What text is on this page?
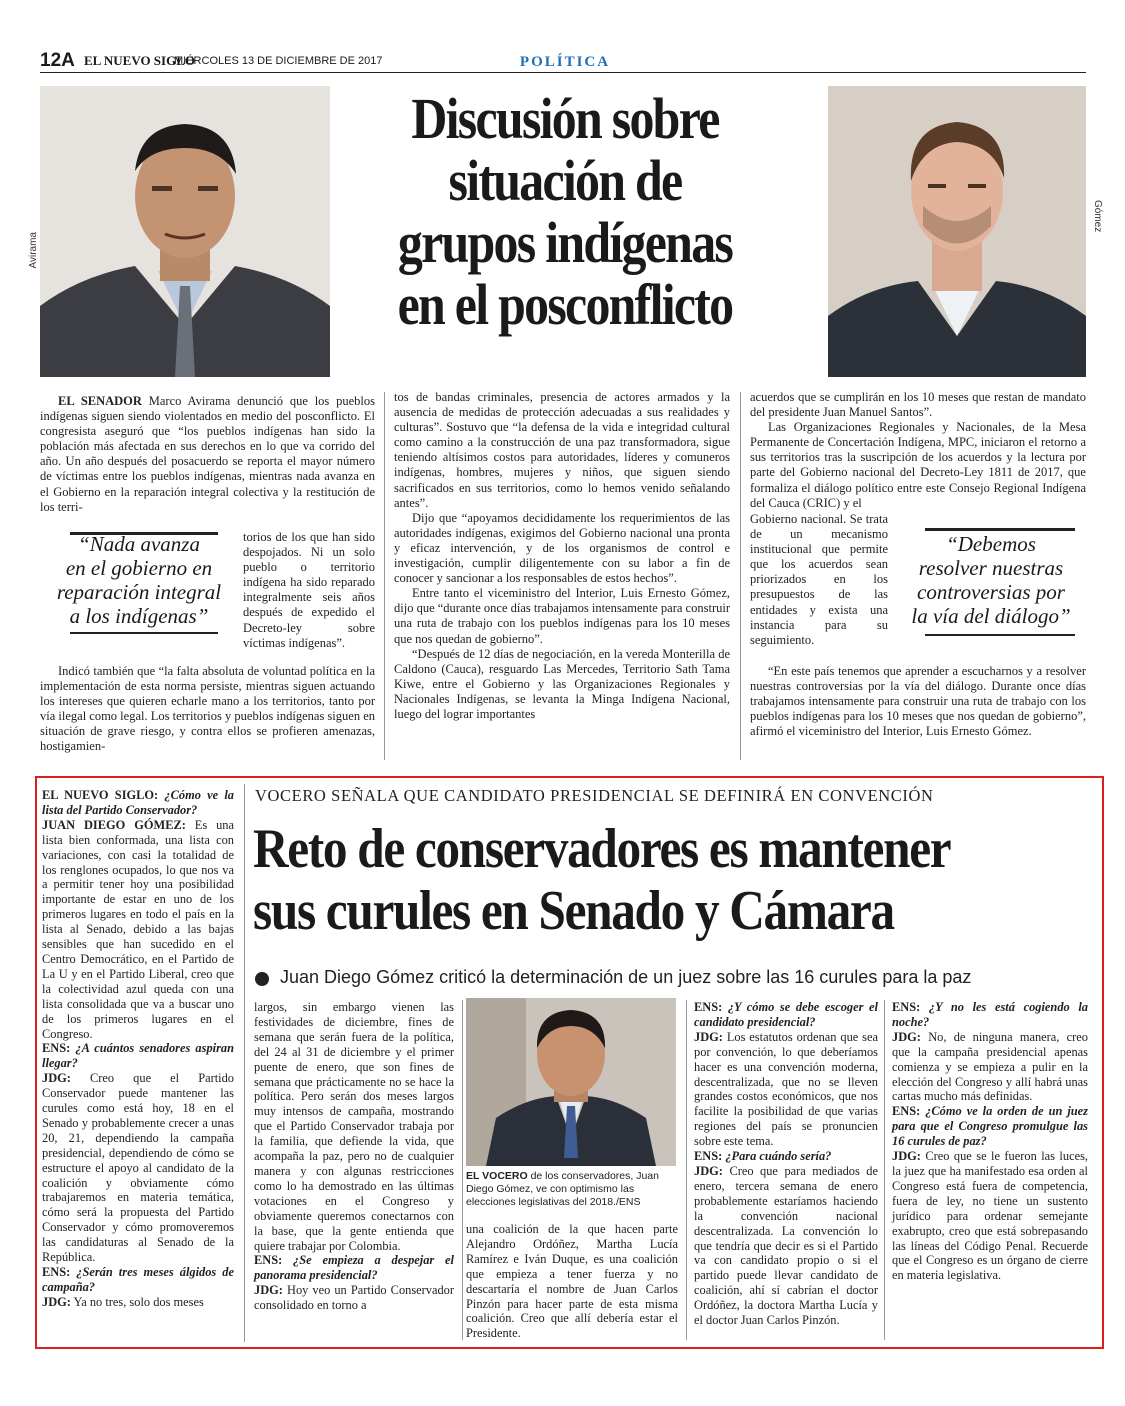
12A EL NUEVO SIGLO
MIÉRCOLES 13 DE DICIEMBRE DE 2017	POLÍTICA
Avirama
Gómez
Discusión sobre
situación de
grupos indígenas
en el posconflicto

EL SENADOR Marco Avirama denunció que los pueblos indígenas siguen siendo violentados en medio del posconflicto. El congresista aseguró que “los pueblos indígenas han sido la población más afectada en sus derechos en lo que va corrido del año. Un año después del posacuerdo se reporta el mayor número de víctimas entre los pueblos indígenas, mientras nada avanza en el Gobierno en la reparación integral colectiva y la restitución de los terri-

torios de los que han sido despojados. Ni un solo pueblo o territorio indígena ha sido reparado integralmente seis años después de expedido el Decreto-ley sobre víctimas indígenas”.

“Nada avanza
en el gobierno en
reparación integral
a los indígenas”

Indicó también que “la falta absoluta de voluntad política en la implementación de esta norma persiste, mientras siguen actuando los intereses que quieren echarle mano a los territorios, tanto por vía ilegal como legal. Los territorios y pueblos indígenas siguen en situación de grave riesgo, y contra ellos se profieren amenazas, hostigamien-

tos de bandas criminales, presencia de actores armados y la ausencia de medidas de protección adecuadas a sus realidades y culturas”. Sostuvo que “la defensa de la vida e integridad cultural como camino a la construcción de una paz transformadora, sigue teniendo altísimos costos para autoridades, líderes y comuneros indígenas, hombres, mujeres y niños, que siguen siendo sacrificados en sus territorios, como lo hemos venido señalando antes”.

Dijo que “apoyamos decididamente los requerimientos de las autoridades indígenas, exigimos del Gobierno nacional una pronta y eficaz intervención, y de los organismos de control e investigación, cumplir diligentemente con su labor a fin de conocer y sancionar a los responsables de estos hechos”.

Entre tanto el viceministro del Interior, Luis Ernesto Gómez, dijo que “durante once días trabajamos intensamente para construir una ruta de trabajo con los pueblos indígenas para los 10 meses que nos quedan de gobierno”.

“Después de 12 días de negociación, en la vereda Monterilla de Caldono (Cauca), resguardo Las Mercedes, Territorio Sath Tama Kiwe, entre el Gobierno y las Organizaciones Regionales y Nacionales Indígenas, se levanta la Minga Indígena Nacional, luego del lograr importantes

acuerdos que se cumplirán en los 10 meses que restan de mandato del presidente Juan Manuel Santos”.

Las Organizaciones Regionales y Nacionales, de la Mesa Permanente de Concertación Indígena, MPC, iniciaron el retorno a sus territorios tras la suscripción de los acuerdos y la lectura por parte del Gobierno nacional del Decreto-Ley 1811 de 2017, que formaliza el diálogo político entre este Consejo Regional Indígena del Cauca (CRIC) y el

Gobierno nacional. Se trata de un mecanismo institucional que permite que los acuerdos sean priorizados en los presupuestos de las entidades y exista una instancia para su seguimiento.

“Debemos
resolver nuestras
controversias por
la vía del diálogo”

“En este país tenemos que aprender a escucharnos y a resolver nuestras controversias por la vía del diálogo. Durante once días trabajamos intensamente para construir una ruta de trabajo con los pueblos indígenas para los 10 meses que nos quedan de gobierno”, afirmó el viceministro del Interior, Luis Ernesto Gómez.

EL NUEVO SIGLO: ¿Cómo ve la lista del Partido Conservador?

JUAN DIEGO GÓMEZ: Es una lista bien conformada, una lista con variaciones, con casi la totalidad de los renglones ocupados, lo que nos va a permitir tener hoy una posibilidad importante de estar en uno de los primeros lugares en todo el país en la lista al Senado, debido a las bajas sensibles que han sucedido en el Centro Democrático, en el Partido de La U y en el Partido Liberal, creo que la colectividad azul queda con una lista consolidada que va a buscar uno de los primeros lugares en el Congreso.

ENS: ¿A cuántos senadores aspiran llegar?

JDG: Creo que el Partido Conservador puede mantener las curules como está hoy, 18 en el Senado y probablemente crecer a unas 20, 21, dependiendo la campaña presidencial, dependiendo de cómo se estructure el apoyo al candidato de la coalición y obviamente cómo trabajaremos en materia temática, cómo será la propuesta del Partido Conservador y cómo promoveremos las candidaturas al Senado de la República.

ENS: ¿Serán tres meses álgidos de campaña?

JDG: Ya no tres, solo dos meses

VOCERO SEÑALA QUE CANDIDATO PRESIDENCIAL SE DEFINIRÁ EN CONVENCIÓN
Reto de conservadores es mantener
sus curules en Senado y Cámara
Juan Diego Gómez criticó la determinación de un juez sobre las 16 curules para la paz

largos, sin embargo vienen las festividades de diciembre, fines de semana que serán fuera de la política, del 24 al 31 de diciembre y el primer puente de enero, que son fines de semana que prácticamente no se hace la política. Pero serán dos meses largos muy intensos de campaña, mostrando que el Partido Conservador trabaja por la familia, que defiende la vida, que acompaña la paz, pero no de cualquier manera y con algunas restricciones como lo ha demostrado en las últimas votaciones en el Congreso y obviamente queremos conectarnos con la base, que la gente entienda que quiere trabajar por Colombia.

ENS: ¿Se empieza a despejar el panorama presidencial?

JDG: Hoy veo un Partido Conservador consolidado en torno a

EL VOCERO de los conservadores, Juan Diego Gómez, ve con optimismo las elecciones legislativas del 2018./ENS

una coalición de la que hacen parte Alejandro Ordóñez, Martha Lucía Ramírez e Iván Duque, es una coalición que empieza a tener fuerza y no descartaría el nombre de Juan Carlos Pinzón para hacer parte de esta misma coalición. Creo que allí debería estar el Presidente.

ENS: ¿Y cómo se debe escoger el candidato presidencial?

JDG: Los estatutos ordenan que sea por convención, lo que deberíamos hacer es una convención moderna, descentralizada, que no se lleven grandes costos económicos, que nos facilite la posibilidad de que varias regiones del país se pronuncien sobre este tema.

ENS: ¿Para cuándo sería?

JDG: Creo que para mediados de enero, tercera semana de enero probablemente estaríamos haciendo la convención nacional descentralizada. La convención lo que tendría que decir es si el Partido va con candidato propio o si el partido puede llevar candidato de coalición, ahí sí cabrían el doctor Ordóñez, la doctora Martha Lucía y el doctor Juan Carlos Pinzón.

ENS: ¿Y no les está cogiendo la noche?

JDG: No, de ninguna manera, creo que la campaña presidencial apenas comienza y se empieza a pulir en la elección del Congreso y allí habrá unas cartas mucho más definidas.

ENS: ¿Cómo ve la orden de un juez para que el Congreso promulgue las 16 curules de paz?

JDG: Creo que se le fueron las luces, la juez que ha manifestado esa orden al Congreso está fuera de competencia, fuera de ley, no tiene un sustento jurídico para ordenar semejante exabrupto, creo que está sobrepasando las líneas del Código Penal. Recuerde que el Congreso es un órgano de cierre en materia legislativa.
